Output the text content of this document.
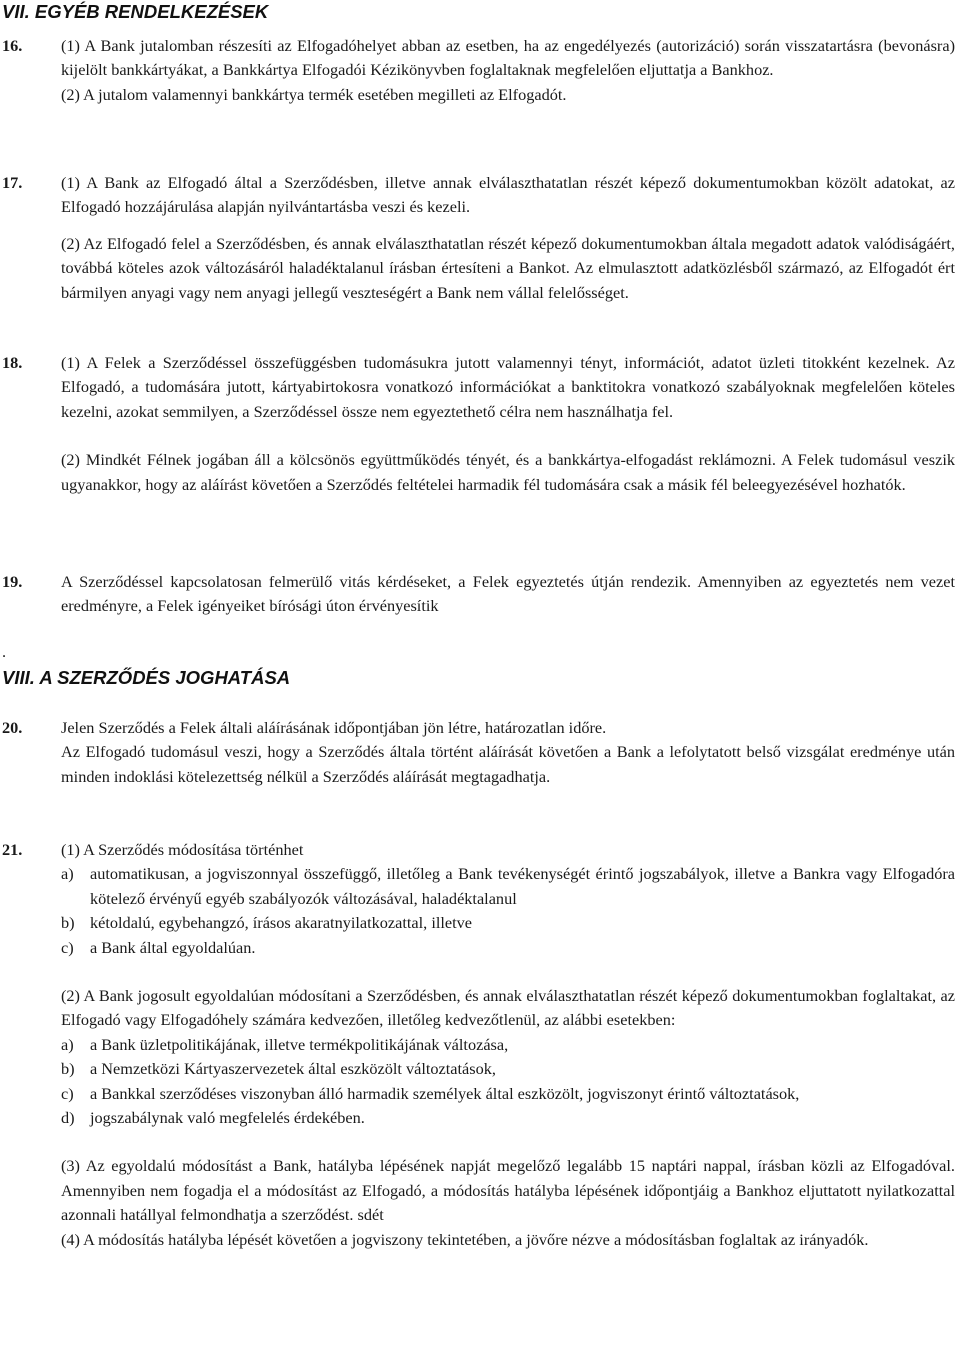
VII. EGYÉB RENDELKEZÉSEK
16. (1) A Bank jutalomban részesíti az Elfogadóhelyet abban az esetben, ha az engedélyezés (autorizáció) során visszatartásra (bevonásra) kijelölt bankkártyákat, a Bankkártya Elfogadói Kézikönyvben foglaltaknak megfelelően eljuttatja a Bankhoz.

(2) A jutalom valamennyi bankkártya termék esetében megilleti az Elfogadót.

17. (1) A Bank az Elfogadó által a Szerződésben, illetve annak elválaszthatatlan részét képező dokumentumokban közölt adatokat, az Elfogadó hozzájárulása alapján nyilvántartásba veszi és kezeli.

(2) Az Elfogadó felel a Szerződésben, és annak elválaszthatatlan részét képező dokumentumokban általa megadott adatok valódiságáért, továbbá köteles azok változásáról haladéktalanul írásban értesíteni a Bankot. Az elmulasztott adatközlésből származó, az Elfogadót ért bármilyen anyagi vagy nem anyagi jellegű veszteségért a Bank nem vállal felelősséget.

18. (1) A Felek a Szerződéssel összefüggésben tudomásukra jutott valamennyi tényt, információt, adatot üzleti titokként kezelnek. Az Elfogadó, a tudomására jutott, kártyabirtokosra vonatkozó információkat a banktitokra vonatkozó szabályoknak megfelelően köteles kezelni, azokat semmilyen, a Szerződéssel össze nem egyeztethető célra nem használhatja fel.

(2) Mindkét Félnek jogában áll a kölcsönös együttműködés tényét, és a bankkártya-elfogadást reklámozni. A Felek tudomásul veszik ugyanakkor, hogy az aláírást követően a Szerződés feltételei harmadik fél tudomására csak a másik fél beleegyezésével hozhatók.

19. A Szerződéssel kapcsolatosan felmerülő vitás kérdéseket, a Felek egyeztetés útján rendezik. Amennyiben az egyeztetés nem vezet eredményre, a Felek igényeiket bírósági úton érvényesítik

.
VIII. A SZERZŐDÉS JOGHATÁSA
20. Jelen Szerződés a Felek általi aláírásának időpontjában jön létre, határozatlan időre.

Az Elfogadó tudomásul veszi, hogy a Szerződés általa történt aláírását követően a Bank a lefolytatott belső vizsgálat eredménye után minden indoklási kötelezettség nélkül a Szerződés aláírását megtagadhatja.

21. (1) A Szerződés módosítása történhet

a)	automatikusan, a jogviszonnyal összefüggő, illetőleg a Bank tevékenységét érintő jogszabályok, illetve a Bankra vagy Elfogadóra kötelező érvényű egyéb szabályozók változásával, haladéktalanul
b) kétoldalú, egybehangzó, írásos akaratnyilatkozattal, illetve
c)	a Bank által egyoldalúan.

(2) A Bank jogosult egyoldalúan módosítani a Szerződésben, és annak elválaszthatatlan részét képező dokumentumokban foglaltakat, az Elfogadó vagy Elfogadóhely számára kedvezően, illetőleg kedvezőtlenül, az alábbi esetekben:

a)	a Bank üzletpolitikájának, illetve termékpolitikájának változása,
b) a Nemzetközi Kártyaszervezetek által eszközölt változtatások,
c)	a Bankkal szerződéses viszonyban álló harmadik személyek által eszközölt, jogviszonyt érintő változtatások,
d) jogszabálynak való megfelelés érdekében.

(3) Az egyoldalú módosítást a Bank, hatályba lépésének napját megelőző legalább 15 naptári nappal, írásban közli az Elfogadóval. Amennyiben nem fogadja el a módosítást az Elfogadó, a módosítás hatályba lépésének időpontjáig a Bankhoz eljuttatott nyilatkozattal azonnali hatállyal felmondhatja a szerződést. sdét

(4) A módosítás hatályba lépését követően a jogviszony tekintetében, a jövőre nézve a módosításban foglaltak az irányadók.
